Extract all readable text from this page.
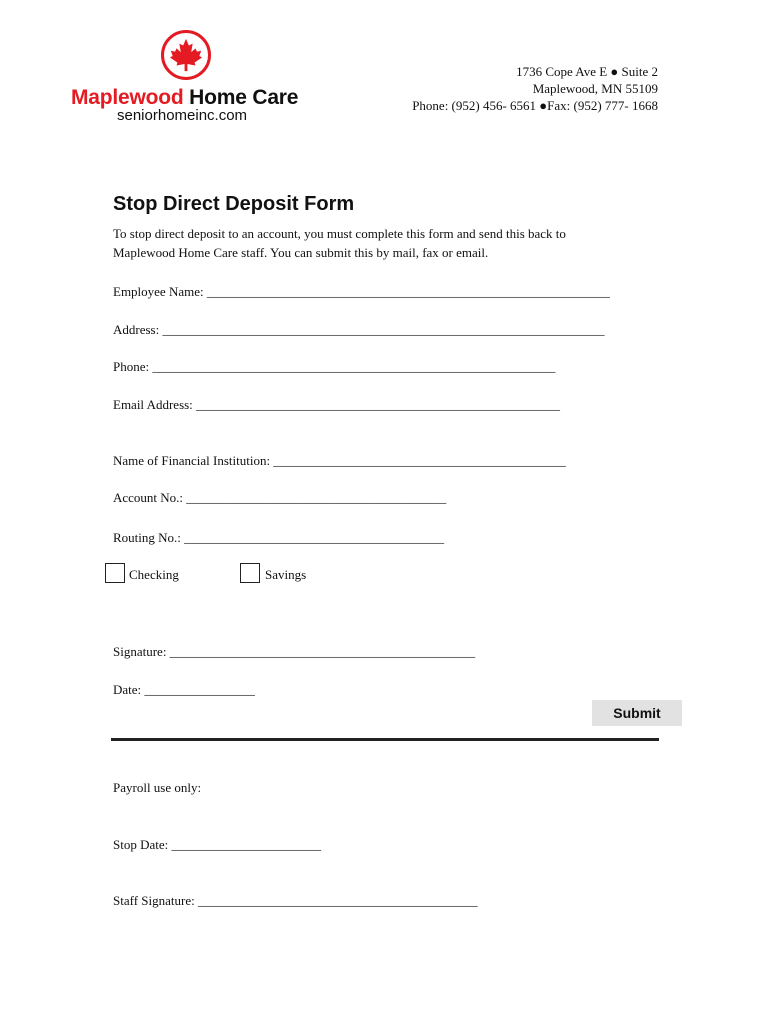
Maplewood Home Care
seniorhomeinc.com
1736 Cope Ave E ● Suite 2
Maplewood, MN 55109
Phone: (952) 456- 6561 ●Fax: (952) 777- 1668
Stop Direct Deposit Form
To stop direct deposit to an account, you must complete this form and send this back to
Maplewood Home Care staff. You can submit this by mail, fax or email.
Employee Name: ______________________________________________________________
Address: ____________________________________________________________________
Phone: ______________________________________________________________
Email Address: ________________________________________________________
Name of Financial Institution: _____________________________________________
Account No.: ________________________________________
Routing No.: ________________________________________
Checking	Savings
Signature: _______________________________________________
Date: _________________
Submit
Payroll use only:
Stop Date: _______________________
Staff Signature: ___________________________________________
